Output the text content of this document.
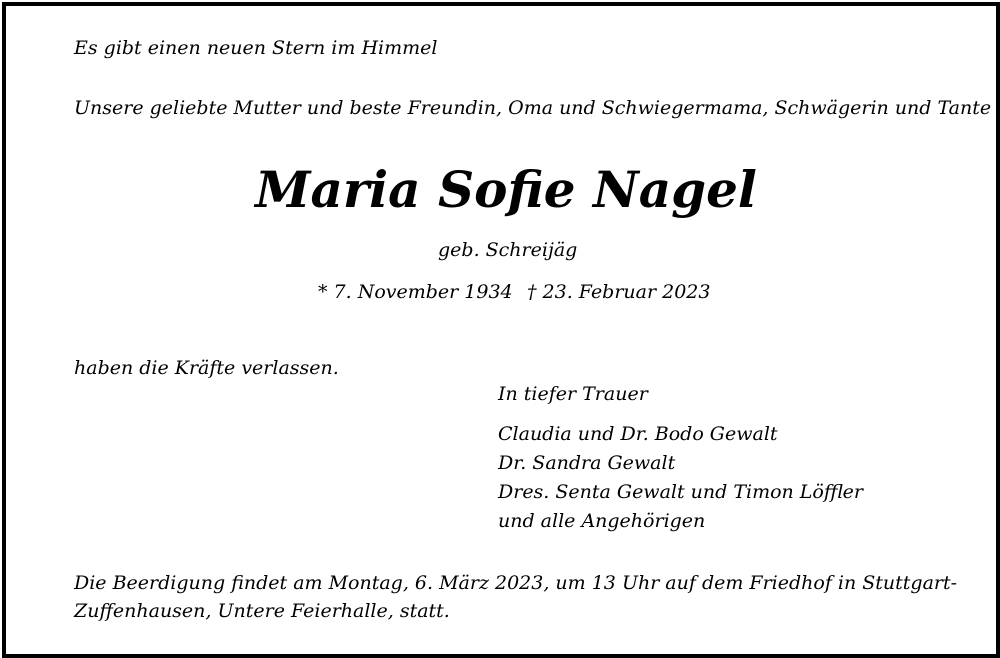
Es gibt einen neuen Stern im Himmel

Unsere geliebte Mutter und beste Freundin, Oma und Schwiegermama, Schwägerin und Tante

Maria Sofie Nagel

geb. Schreijäg

* 7. November 1934 † 23. Februar 2023

haben die Kräfte verlassen.

In tiefer Trauer

Claudia und Dr. Bodo Gewalt
Dr. Sandra Gewalt
Dres. Senta Gewalt und Timon Löffler
und alle Angehörigen

Die Beerdigung findet am Montag, 6. März 2023, um 13 Uhr auf dem Friedhof in Stuttgart-

Zuffenhausen, Untere Feierhalle, statt.
